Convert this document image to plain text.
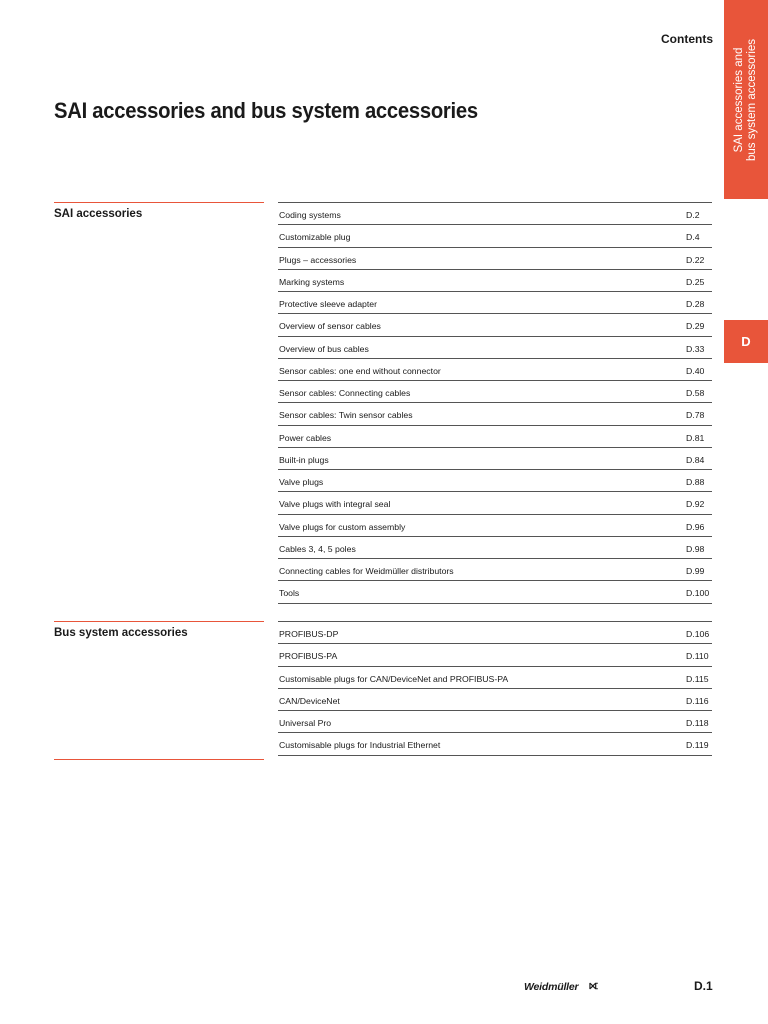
Contents
SAI accessories and
bus system accessories
D
SAI accessories and bus system accessories
SAI accessories	Coding systems	D.2
Customizable plug	D.4
Plugs – accessories	D.22
Marking systems	D.25
Protective sleeve adapter	D.28
Overview of sensor cables	D.29
Overview of bus cables	D.33
Sensor cables: one end without connector	D.40
Sensor cables: Connecting cables	D.58
Sensor cables: Twin sensor cables	D.78
Power cables	D.81
Built-in plugs	D.84
Valve plugs	D.88
Valve plugs with integral seal	D.92
Valve plugs for custom assembly	D.96
Cables 3, 4, 5 poles	D.98
Connecting cables for Weidmüller distributors	D.99
Tools	D.100
Bus system accessories	PROFIBUS-DP	D.106
PROFIBUS-PA	D.110
Customisable plugs for CAN/DeviceNet and PROFIBUS-PA	D.115
CAN/DeviceNet	D.116
Universal Pro	D.118
Customisable plugs for Industrial Ethernet	D.119
Weidmüller ⟖	D.1
